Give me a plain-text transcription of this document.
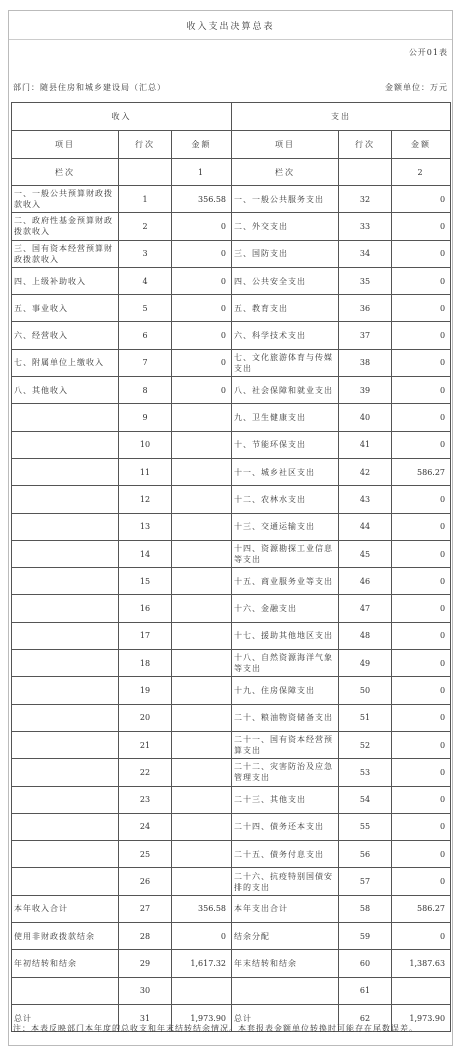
收入支出决算总表
公开01表
部门：随县住房和城乡建设局（汇总）	金额单位：万元
收入			支出		
项目	行次	金额	项目	行次	金额
栏次		1	栏次		2
一、一般公共预算财政拨款收入	1	356.58	一、一般公共服务支出	32	0
二、政府性基金预算财政拨款收入	2	0	二、外交支出	33	0
三、国有资本经营预算财政拨款收入	3	0	三、国防支出	34	0
四、上级补助收入	4	0	四、公共安全支出	35	0
五、事业收入	5	0	五、教育支出	36	0
六、经营收入	6	0	六、科学技术支出	37	0
七、附属单位上缴收入	7	0	七、文化旅游体育与传媒支出	38	0
八、其他收入	8	0	八、社会保障和就业支出	39	0
	9		九、卫生健康支出	40	0
	10		十、节能环保支出	41	0
	11		十一、城乡社区支出	42	586.27
	12		十二、农林水支出	43	0
	13		十三、交通运输支出	44	0
	14		十四、资源勘探工业信息等支出	45	0
	15		十五、商业服务业等支出	46	0
	16		十六、金融支出	47	0
	17		十七、援助其他地区支出	48	0
	18		十八、自然资源海洋气象等支出	49	0
	19		十九、住房保障支出	50	0
	20		二十、粮油物资储备支出	51	0
	21		二十一、国有资本经营预算支出	52	0
	22		二十二、灾害防治及应急管理支出	53	0
	23		二十三、其他支出	54	0
	24		二十四、债务还本支出	55	0
	25		二十五、债务付息支出	56	0
	26		二十六、抗疫特别国债安排的支出	57	0
本年收入合计	27	356.58	本年支出合计	58	586.27
使用非财政拨款结余	28	0	结余分配	59	0
年初结转和结余	29	1,617.32	年末结转和结余	60	1,387.63
	30			61	
总计	31	1,973.90	总计	62	1,973.90
注：本表反映部门本年度的总收支和年末结转结余情况。本套报表金额单位转换时可能存在尾数误差。
